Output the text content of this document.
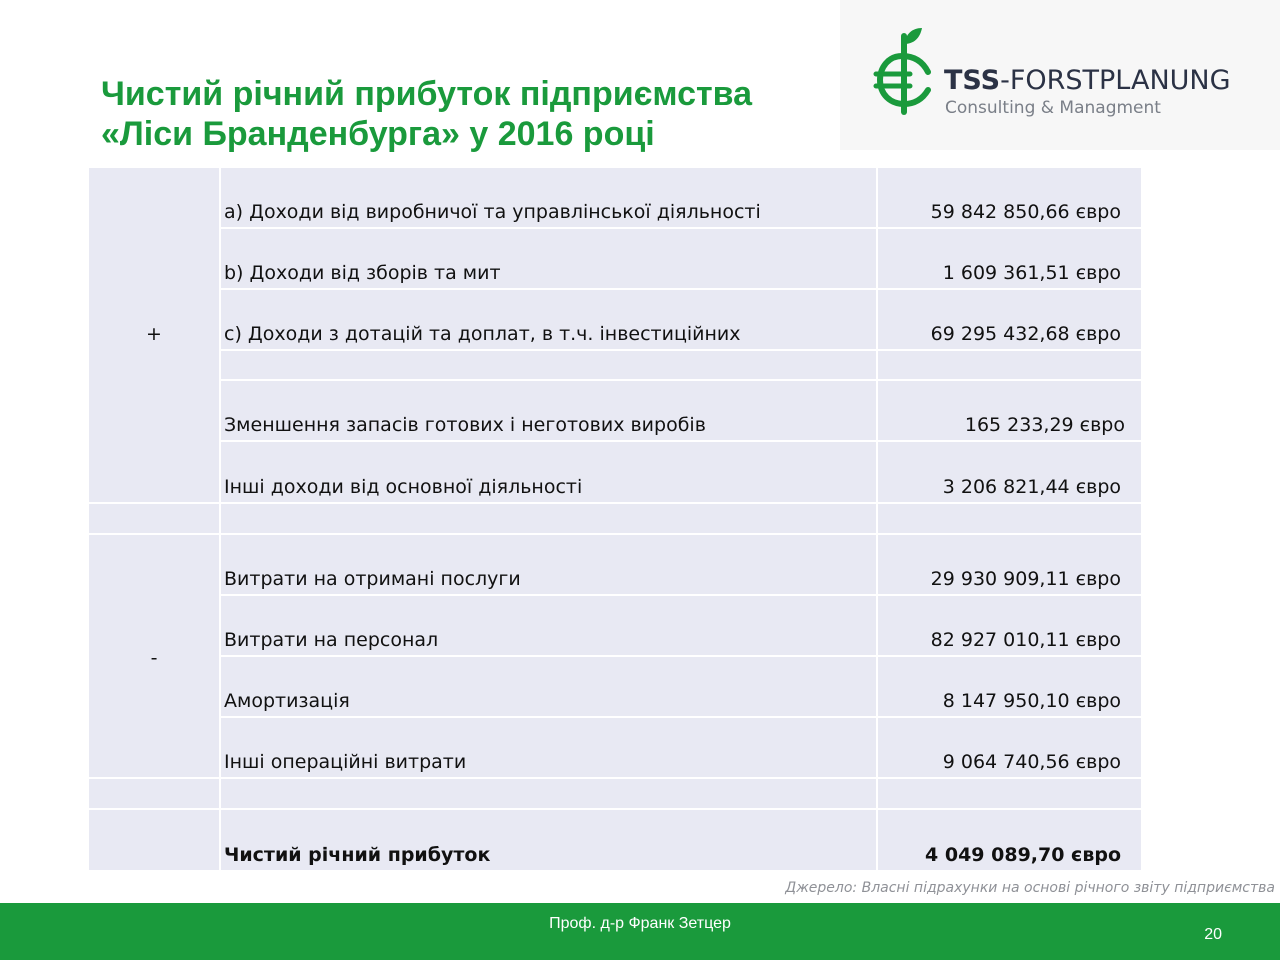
Чистий річний прибуток підприємства
«Ліси Бранденбурга» у 2016 році
TSS-FORSTPLANUNG
Consulting & Managment
+
a) Доходи від виробничої та управлінської діяльності	59 842 850,66 євро
b) Доходи від зборів та мит	1 609 361,51 євро
c) Доходи з дотацій та доплат, в т.ч. інвестиційних	69 295 432,68 євро
Зменшення запасів готових і неготових виробів	165 233,29 євро
Інші доходи від основної діяльності	3 206 821,44 євро
-
Витрати на отримані послуги	29 930 909,11 євро
Витрати на персонал	82 927 010,11 євро
Амортизація	8 147 950,10 євро
Інші операційні витрати	9 064 740,56 євро
Чистий річний прибуток	4 049 089,70 євро
Джерело: Власні підрахунки на основі річного звіту підприємства
Проф. д-р Франк Зетцер
20
